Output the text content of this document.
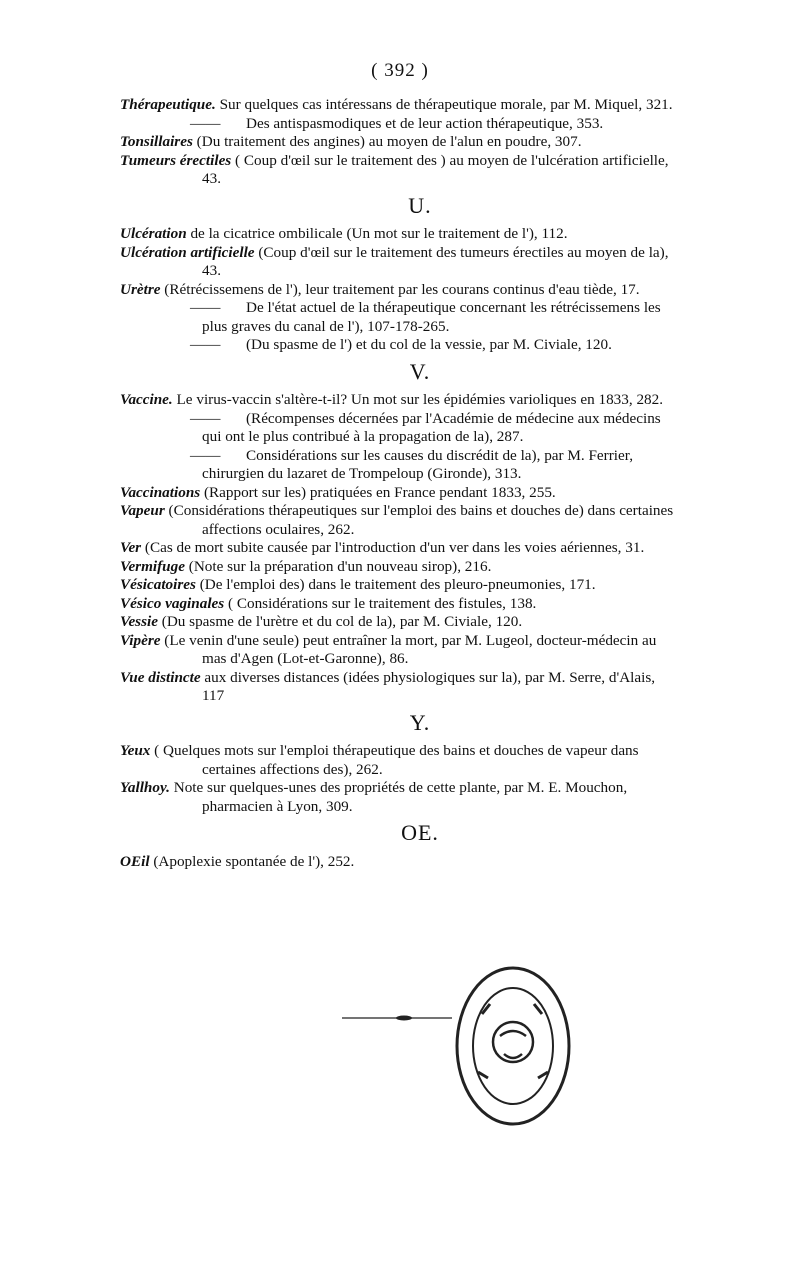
( 392 )

Thérapeutique. Sur quelques cas intéressans de thérapeutique morale, par M. Miquel, 321.

—— Des antispasmodiques et de leur action thérapeutique, 353.

Tonsillaires (Du traitement des angines) au moyen de l'alun en poudre, 307.

Tumeurs érectiles ( Coup d'œil sur le traitement des ) au moyen de l'ulcération artificielle, 43.

U.

Ulcération de la cicatrice ombilicale (Un mot sur le traitement de l'), 112.

Ulcération artificielle (Coup d'œil sur le traitement des tumeurs érectiles au moyen de la), 43.

Urètre (Rétrécissemens de l'), leur traitement par les courans continus d'eau tiède, 17.

—— De l'état actuel de la thérapeutique concernant les rétrécissemens les plus graves du canal de l'), 107-178-265.

—— (Du spasme de l') et du col de la vessie, par M. Civiale, 120.

V.

Vaccine. Le virus-vaccin s'altère-t-il? Un mot sur les épidémies varioliques en 1833, 282.

—— (Récompenses décernées par l'Académie de médecine aux médecins qui ont le plus contribué à la propagation de la), 287.

—— Considérations sur les causes du discrédit de la), par M. Ferrier, chirurgien du lazaret de Trompeloup (Gironde), 313.

Vaccinations (Rapport sur les) pratiquées en France pendant 1833, 255.

Vapeur (Considérations thérapeutiques sur l'emploi des bains et douches de) dans certaines affections oculaires, 262.

Ver (Cas de mort subite causée par l'introduction d'un ver dans les voies aériennes, 31.

Vermifuge (Note sur la préparation d'un nouveau sirop), 216.

Vésicatoires (De l'emploi des) dans le traitement des pleuro-pneumonies, 171.

Vésico vaginales ( Considérations sur le traitement des fistules, 138.

Vessie (Du spasme de l'urètre et du col de la), par M. Civiale, 120.

Vipère (Le venin d'une seule) peut entraîner la mort, par M. Lugeol, docteur-médecin au mas d'Agen (Lot-et-Garonne), 86.

Vue distincte aux diverses distances (idées physiologiques sur la), par M. Serre, d'Alais, 117

Y.

Yeux ( Quelques mots sur l'emploi thérapeutique des bains et douches de vapeur dans certaines affections des), 262.

Yallhoy. Note sur quelques-unes des propriétés de cette plante, par M. E. Mouchon, pharmacien à Lyon, 309.

OE.

OEil (Apoplexie spontanée de l'), 252.
